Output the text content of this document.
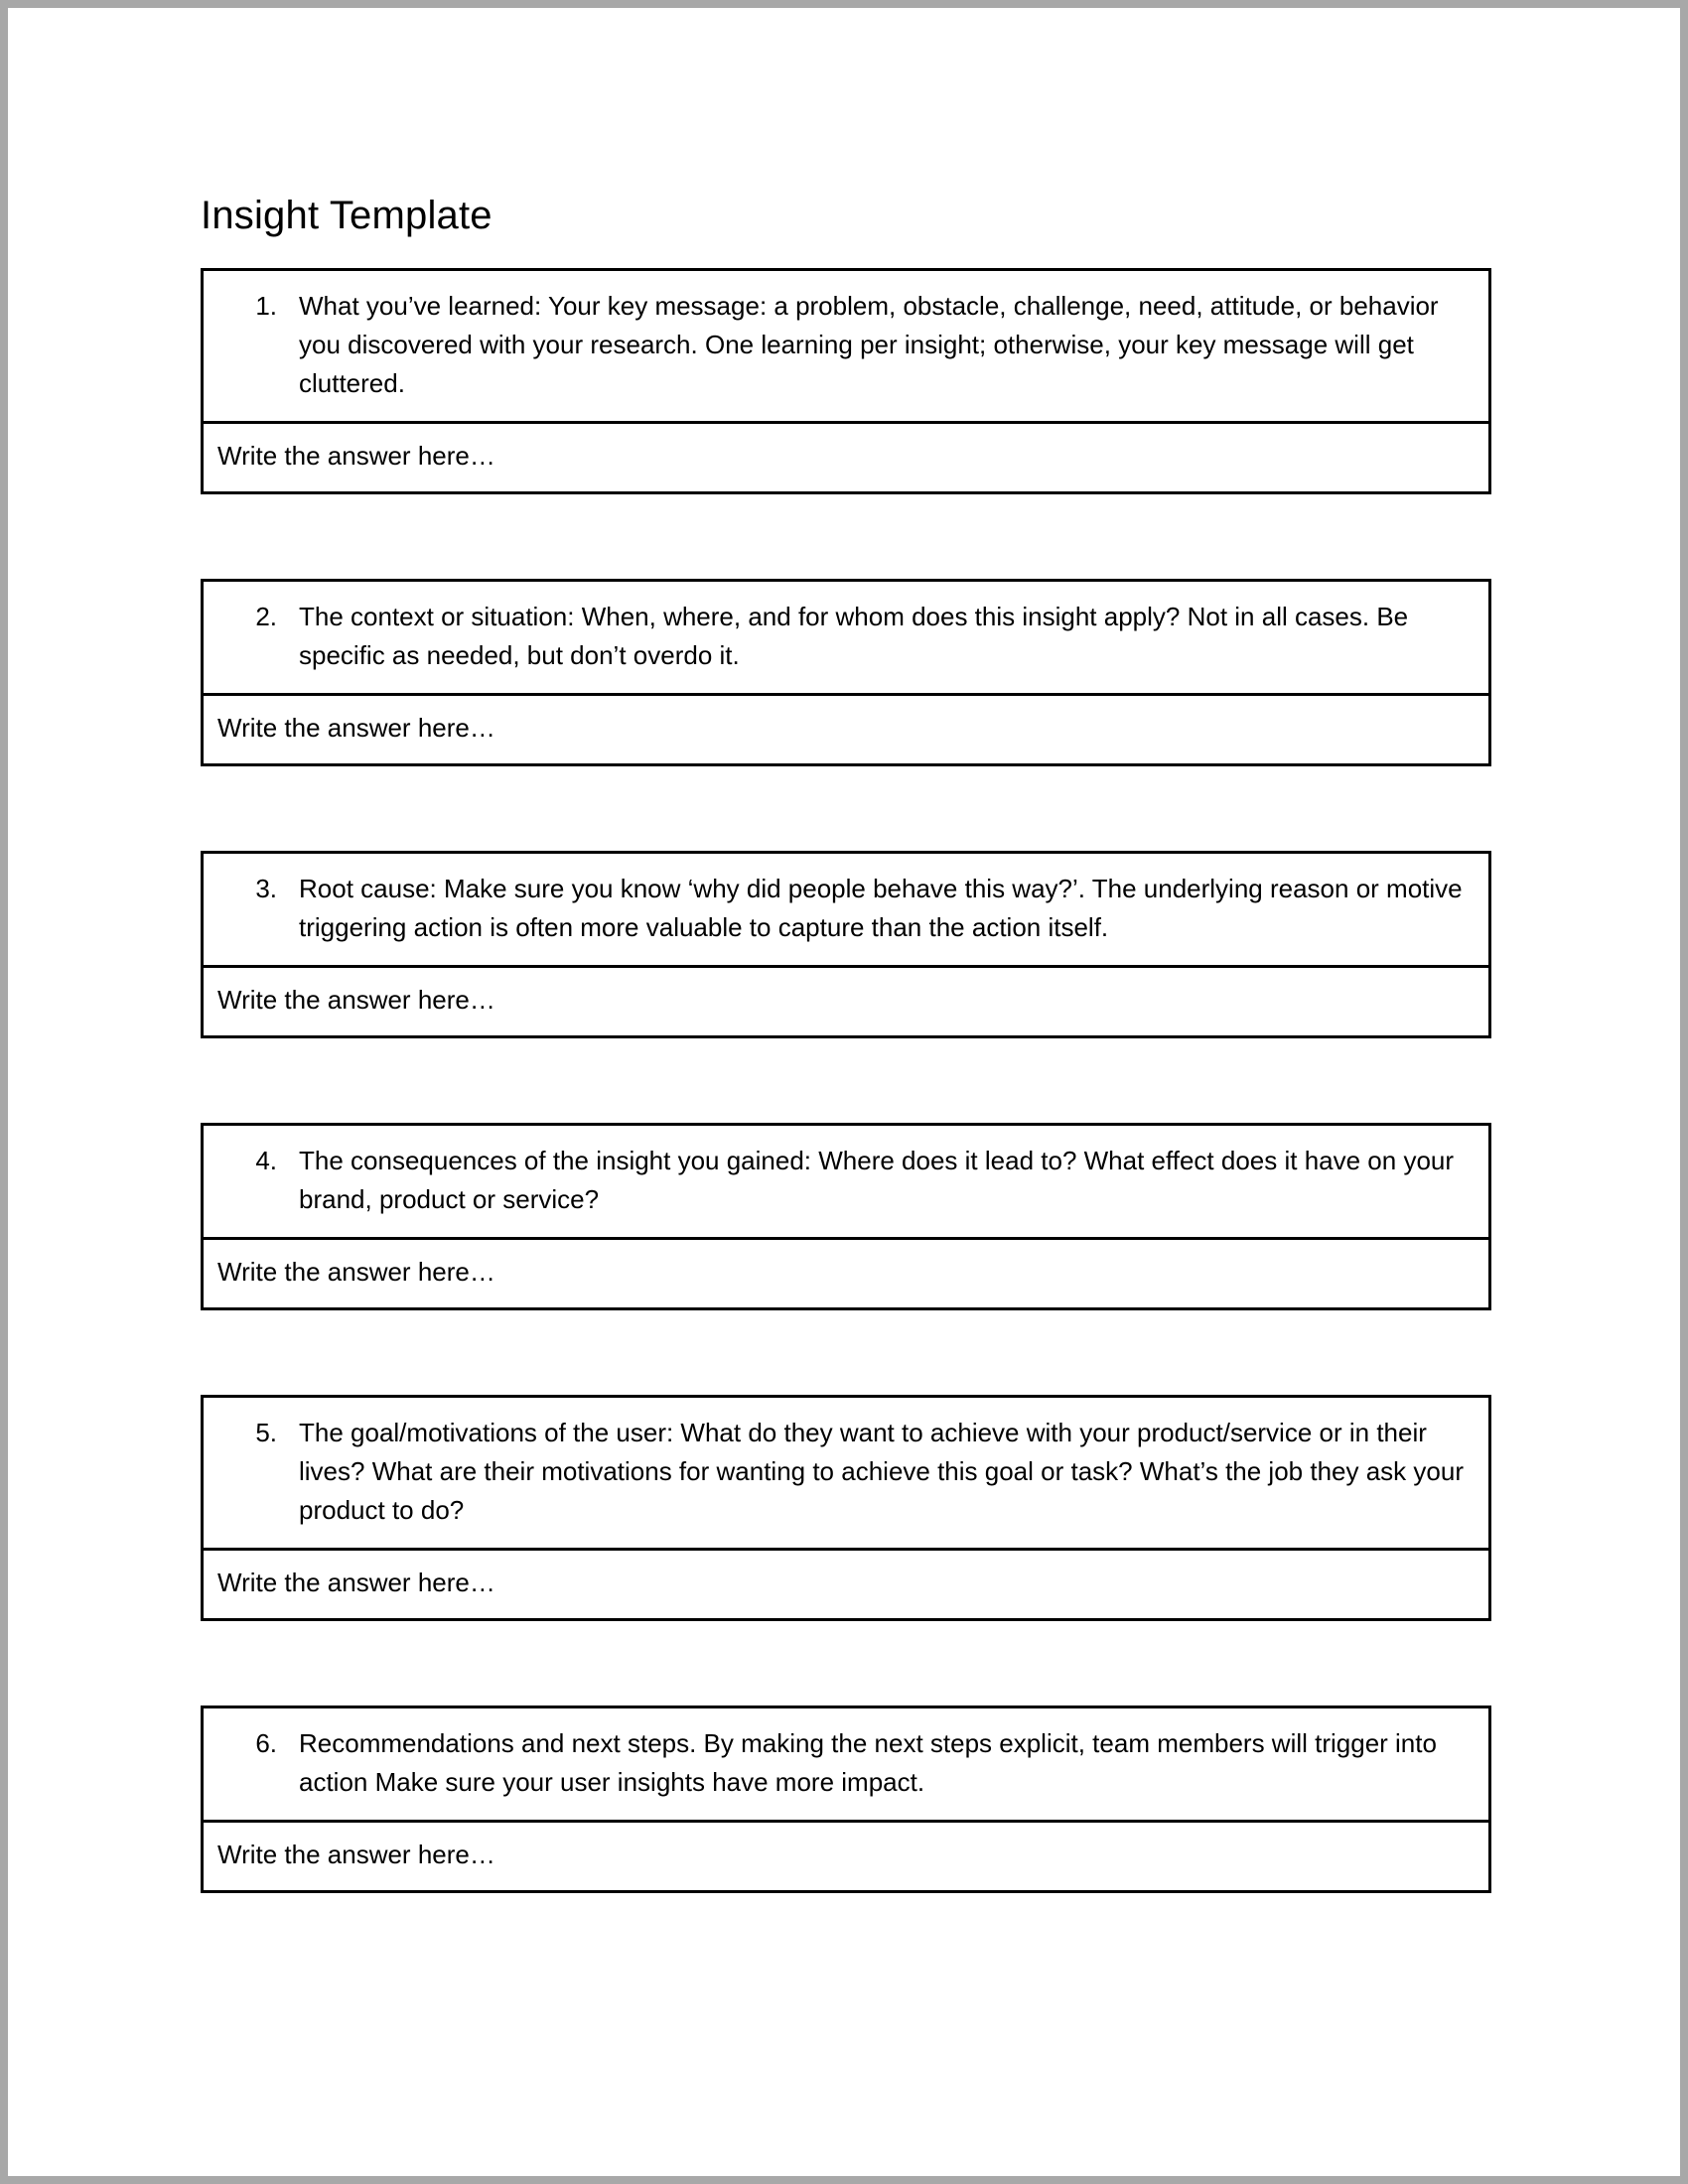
Insight Template
1. What you’ve learned: Your key message: a problem, obstacle, challenge, need, attitude, or behavior you discovered with your research. One learning per insight; otherwise, your key message will get cluttered.
Write the answer here…
2. The context or situation: When, where, and for whom does this insight apply? Not in all cases. Be specific as needed, but don’t overdo it.
Write the answer here…
3. Root cause: Make sure you know ‘why did people behave this way?’. The underlying reason or motive triggering action is often more valuable to capture than the action itself.
Write the answer here…
4. The consequences of the insight you gained: Where does it lead to? What effect does it have on your brand, product or service?
Write the answer here…
5. The goal/motivations of the user: What do they want to achieve with your product/service or in their lives? What are their motivations for wanting to achieve this goal or task? What’s the job they ask your product to do?
Write the answer here…
6. Recommendations and next steps. By making the next steps explicit, team members will trigger into action Make sure your user insights have more impact.
Write the answer here…
